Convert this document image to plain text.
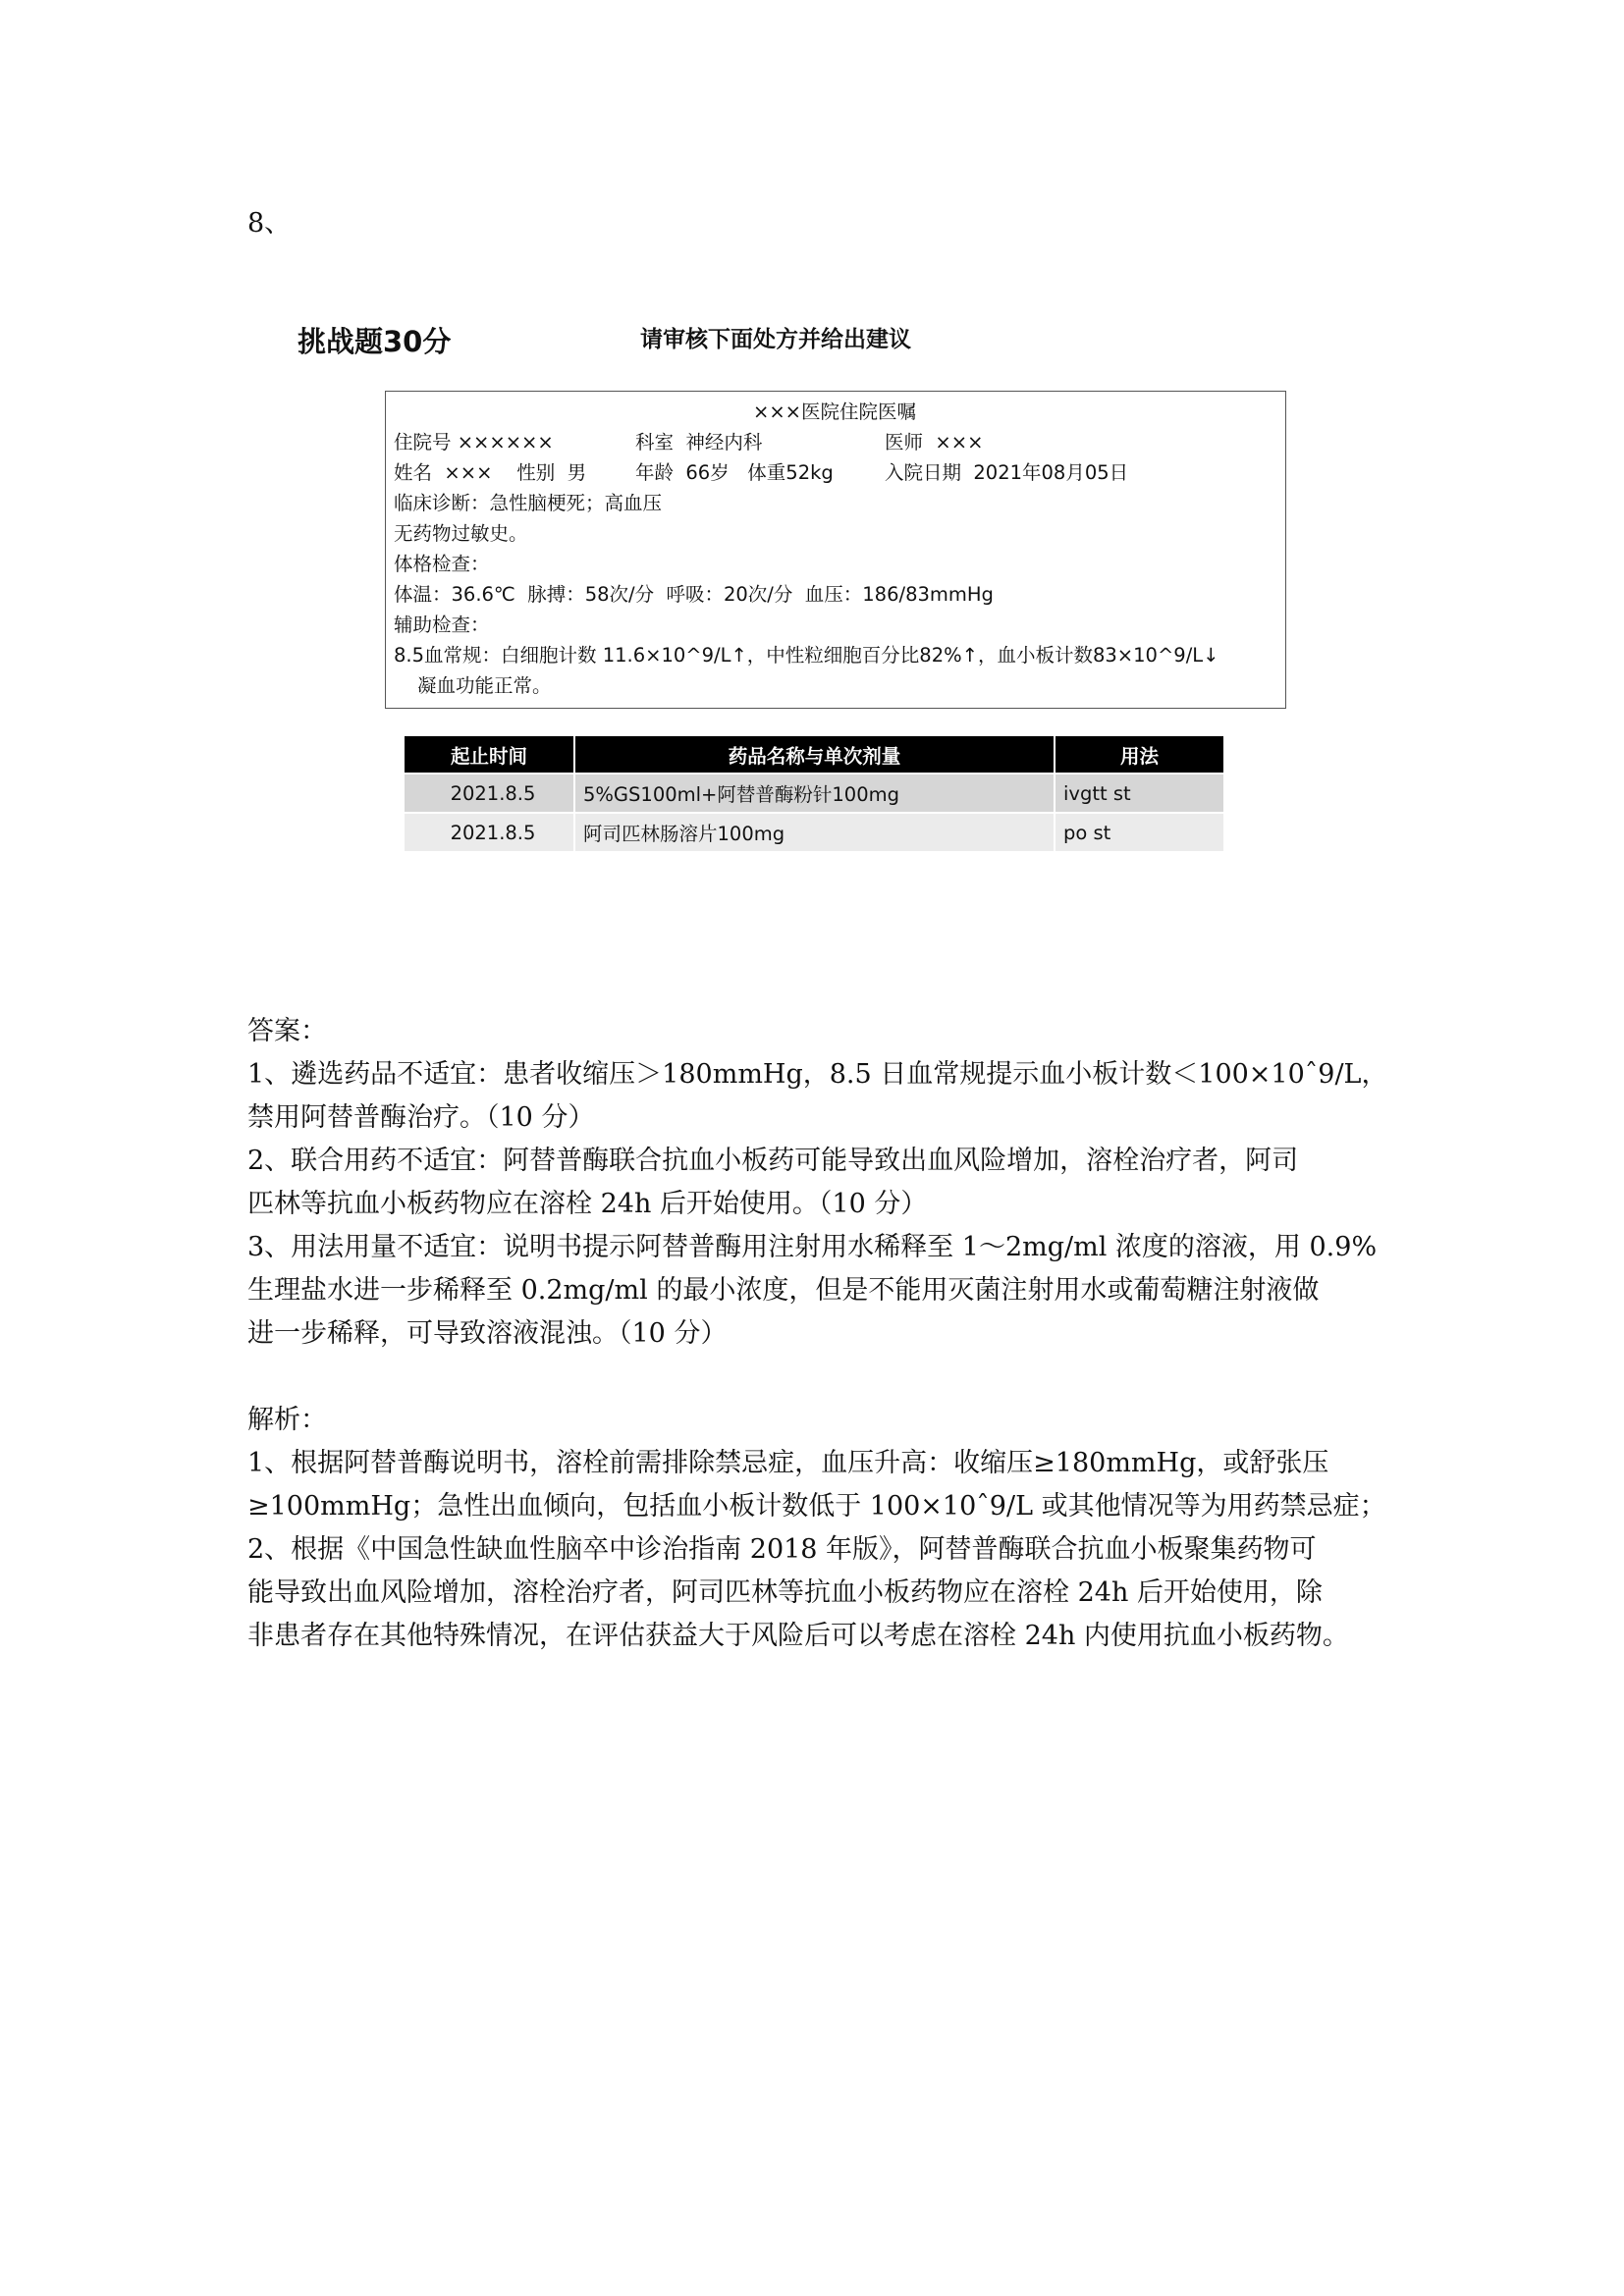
8、
挑战题30分	请审核下面处方并给出建议
×××医院住院医嘱
住院号 ××××××	科室  神经内科	医师  ×××
姓名  ×××    性别  男	年龄  66岁   体重52kg	入院日期  2021年08月05日
临床诊断：急性脑梗死；高血压
无药物过敏史。
体格检查：
体温：36.6℃  脉搏：58次/分  呼吸：20次/分  血压：186/83mmHg
辅助检查：
8.5血常规：白细胞计数 11.6×10^9/L↑，中性粒细胞百分比82%↑，血小板计数83×10^9/L↓
凝血功能正常。
起止时间	药品名称与单次剂量	用法
2021.8.5	5%GS100ml+阿替普酶粉针100mg	ivgtt st
2021.8.5	阿司匹林肠溶片100mg	po st
答案：
1、遴选药品不适宜：患者收缩压＞180mmHg，8.5 日血常规提示血小板计数＜100×10ˆ9/L，
禁用阿替普酶治疗。（10 分）
2、联合用药不适宜：阿替普酶联合抗血小板药可能导致出血风险增加，溶栓治疗者，阿司
匹林等抗血小板药物应在溶栓 24h 后开始使用。（10 分）
3、用法用量不适宜：说明书提示阿替普酶用注射用水稀释至 1～2mg/ml 浓度的溶液，用 0.9%
生理盐水进一步稀释至 0.2mg/ml 的最小浓度，但是不能用灭菌注射用水或葡萄糖注射液做
进一步稀释，可导致溶液混浊。（10 分）
解析：
1、根据阿替普酶说明书，溶栓前需排除禁忌症，血压升高：收缩压≥180mmHg，或舒张压
≥100mmHg；急性出血倾向，包括血小板计数低于 100×10ˆ9/L 或其他情况等为用药禁忌症；
2、根据《中国急性缺血性脑卒中诊治指南 2018 年版》，阿替普酶联合抗血小板聚集药物可
能导致出血风险增加，溶栓治疗者，阿司匹林等抗血小板药物应在溶栓 24h 后开始使用，除
非患者存在其他特殊情况，在评估获益大于风险后可以考虑在溶栓 24h 内使用抗血小板药物。
